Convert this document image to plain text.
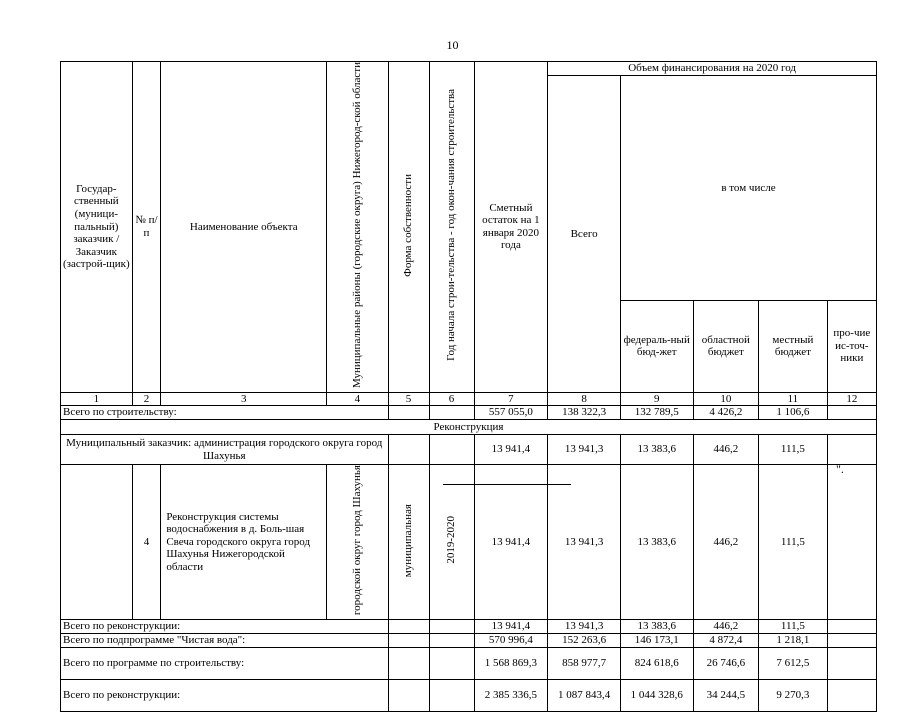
10
Государ-ственный (муници-пальный) заказчик / Заказчик (застрой-щик)	№ п/п	Наименование объекта	Муниципальные районы (городские округа) Нижегород-ской области	Форма собственности	Год начала строи-тельства - год окон-чания строительства	Сметный остаток на 1 января 2020 года	Объем финансирования на 2020 год				
							Всего	в том числе			
								федераль-ный бюд-жет	областной бюджет	местный бюджет	про-чие ис-точ-ники
1	2	3	4	5	6	7	8	9	10	11	12
Всего по строительству:						557 055,0	138 322,3	132 789,5	4 426,2	1 106,6	
Реконструкция											
Муниципальный заказчик: администрация городского округа город Шахунья						13 941,4	13 941,3	13 383,6	446,2	111,5	
	4	Реконструкция системы водоснабжения в д. Боль-шая Свеча городского округа город Шахунья Нижегородской области	городской округ город Шахунья	муниципальная	2019-2020	13 941,4	13 941,3	13 383,6	446,2	111,5	
Всего по реконструкции:						13 941,4	13 941,3	13 383,6	446,2	111,5	
Всего по подпрограмме "Чистая вода":						570 996,4	152 263,6	146 173,1	4 872,4	1 218,1	
Всего по программе по строительству:						1 568 869,3	858 977,7	824 618,6	26 746,6	7 612,5	
Всего по реконструкции:						2 385 336,5	1 087 843,4	1 044 328,6	34 244,5	9 270,3	
".
